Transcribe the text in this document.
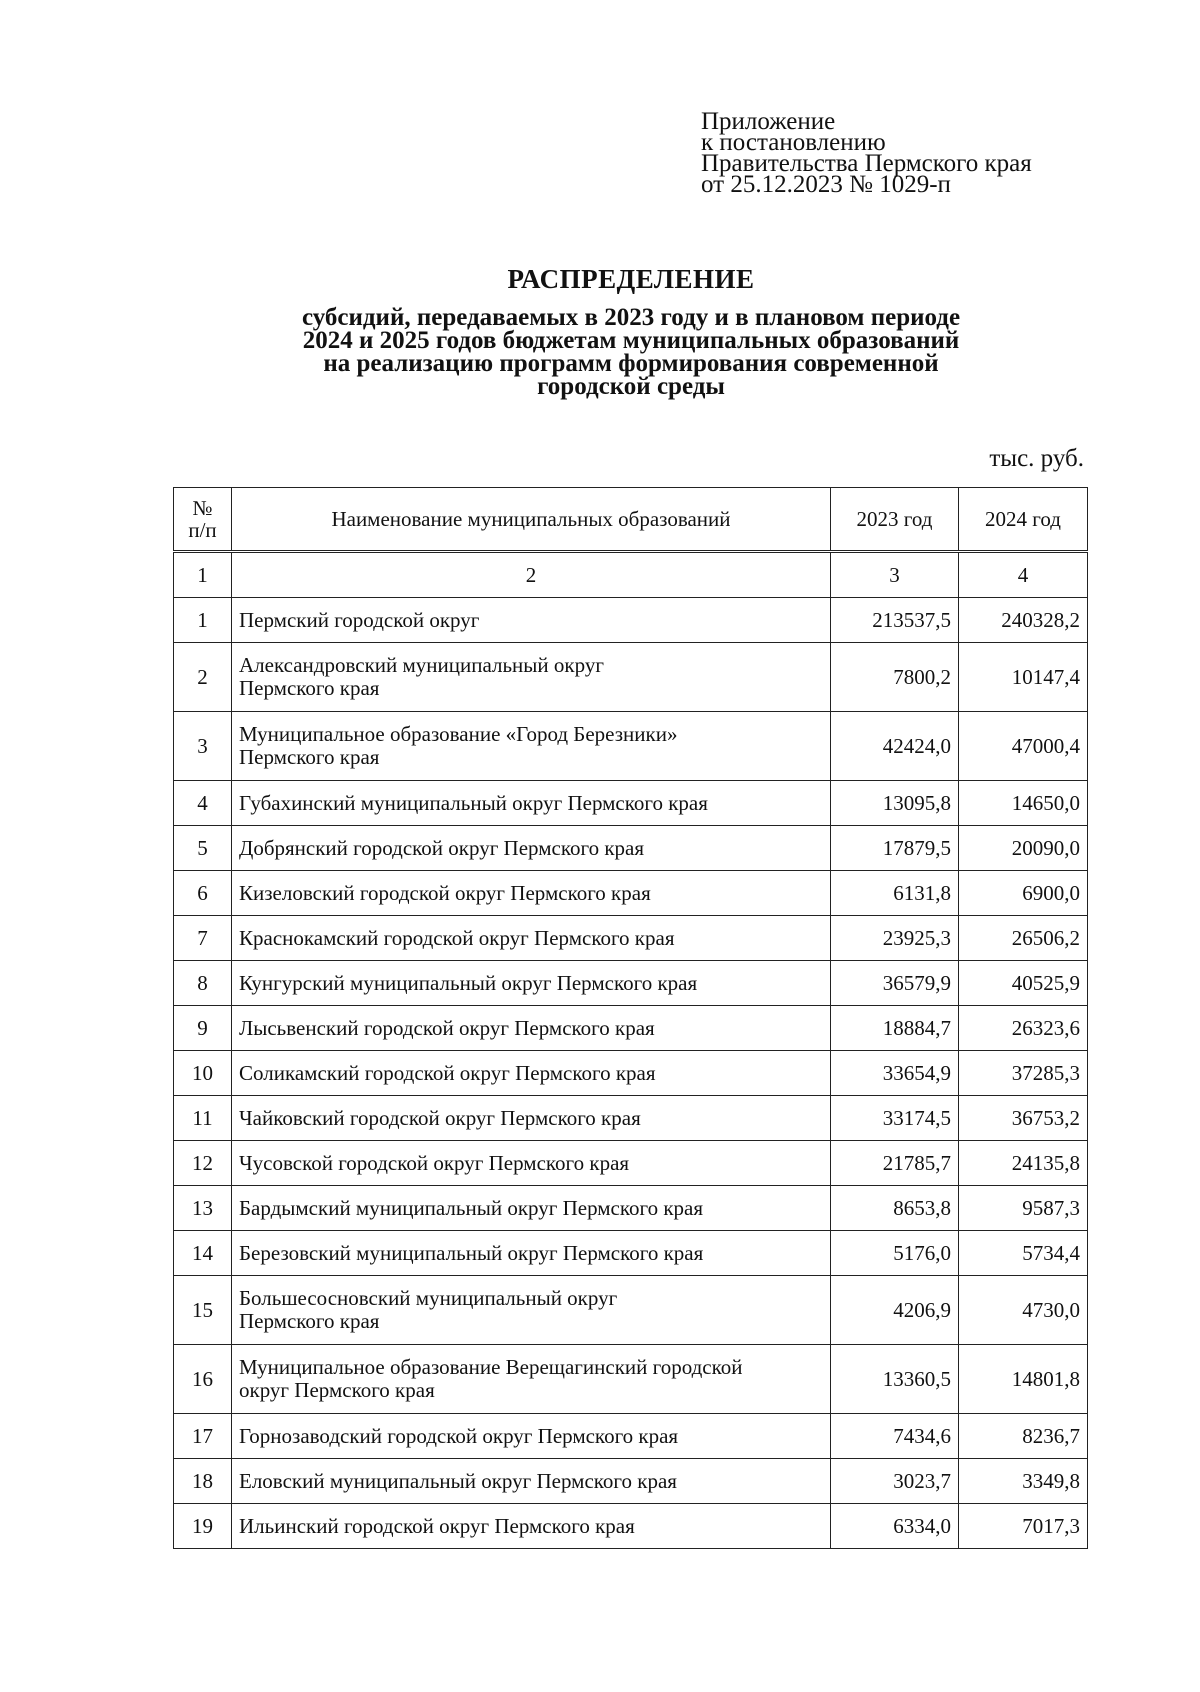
Приложение
к постановлению
Правительства Пермского края
от 25.12.2023 № 1029-п
РАСПРЕДЕЛЕНИЕ
субсидий, передаваемых в 2023 году и в плановом периоде
2024 и 2025 годов бюджетам муниципальных образований
на реализацию программ формирования современной
городской среды
тыс. руб.
№
п/п	Наименование муниципальных образований	2023 год	2024 год
1	2	3	4
1	Пермский городской округ	213537,5	240328,2
2	Александровский муниципальный округ
Пермского края	7800,2	10147,4
3	Муниципальное образование «Город Березники»
Пермского края	42424,0	47000,4
4	Губахинский муниципальный округ Пермского края	13095,8	14650,0
5	Добрянский городской округ Пермского края	17879,5	20090,0
6	Кизеловский городской округ Пермского края	6131,8	6900,0
7	Краснокамский городской округ Пермского края	23925,3	26506,2
8	Кунгурский муниципальный округ Пермского края	36579,9	40525,9
9	Лысьвенский городской округ Пермского края	18884,7	26323,6
10	Соликамский городской округ Пермского края	33654,9	37285,3
11	Чайковский городской округ Пермского края	33174,5	36753,2
12	Чусовской городской округ Пермского края	21785,7	24135,8
13	Бардымский муниципальный округ Пермского края	8653,8	9587,3
14	Березовский муниципальный округ Пермского края	5176,0	5734,4
15	Большесосновский муниципальный округ
Пермского края	4206,9	4730,0
16	Муниципальное образование Верещагинский городской
округ Пермского края	13360,5	14801,8
17	Горнозаводский городской округ Пермского края	7434,6	8236,7
18	Еловский муниципальный округ Пермского края	3023,7	3349,8
19	Ильинский городской округ Пермского края	6334,0	7017,3
